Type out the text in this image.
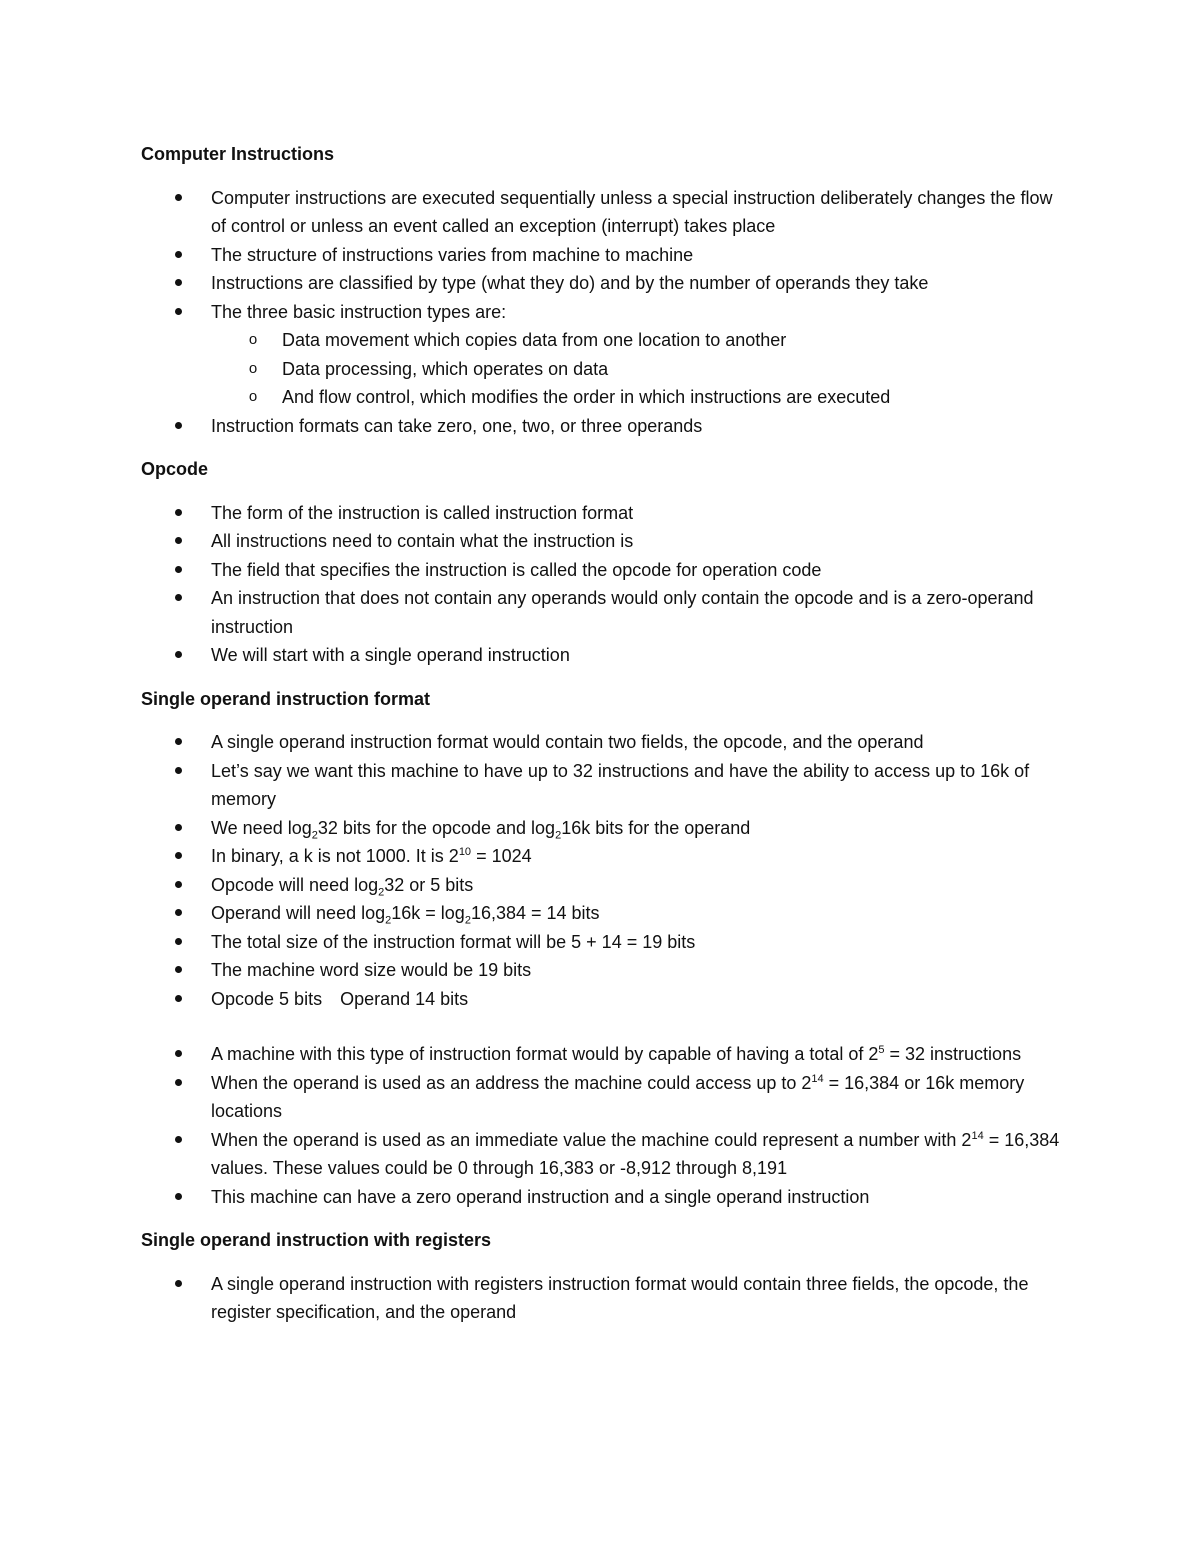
Computer Instructions
Computer instructions are executed sequentially unless a special instruction deliberately changes the flow of control or unless an event called an exception (interrupt) takes place
The structure of instructions varies from machine to machine
Instructions are classified by type (what they do) and by the number of operands they take
The three basic instruction types are:
o Data movement which copies data from one location to another
o Data processing, which operates on data
o And flow control, which modifies the order in which instructions are executed
Instruction formats can take zero, one, two, or three operands
Opcode
The form of the instruction is called instruction format
All instructions need to contain what the instruction is
The field that specifies the instruction is called the opcode for operation code
An instruction that does not contain any operands would only contain the opcode and is a zero-operand instruction
We will start with a single operand instruction
Single operand instruction format
A single operand instruction format would contain two fields, the opcode, and the operand
Let’s say we want this machine to have up to 32 instructions and have the ability to access up to 16k of memory
We need $\log_232$ bits for the opcode and $\log_216k$ bits for the operand
In binary, a k is not 1000. It is $2^{10} = 1024$
Opcode will need $\log_232$ or 5 bits
Operand will need $\log_216k = \log_216,384 = 14$ bits
The total size of the instruction format will be 5 + 14 = 19 bits
The machine word size would be 19 bits
Opcode 5 bits Operand 14 bits
A machine with this type of instruction format would by capable of having a total of $2^5 = 32$ instructions
When the operand is used as an address the machine could access up to $2^{14} = 16,384$ or 16k memory locations
When the operand is used as an immediate value the machine could represent a number with $2^{14} = 16,384$ values. These values could be 0 through 16,383 or -8,912 through 8,191
This machine can have a zero operand instruction and a single operand instruction
Single operand instruction with registers
A single operand instruction with registers instruction format would contain three fields, the opcode, the register specification, and the operand
